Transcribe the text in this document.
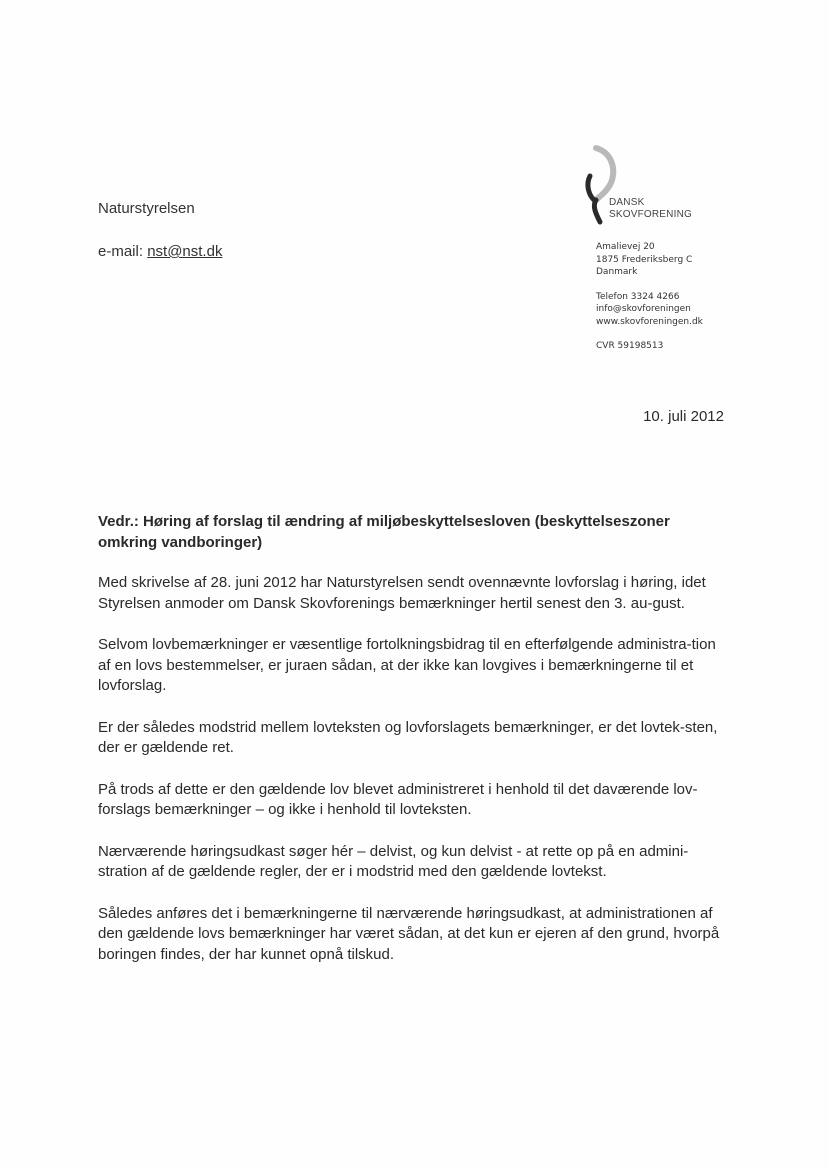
Naturstyrelsen
e-mail: nst@nst.dk
DANSK
SKOVFORENING
Amalievej 20
1875 Frederiksberg C
Danmark
Telefon 3324 4266
info@skovforeningen
www.skovforeningen.dk
CVR 59198513
10. juli 2012
Vedr.: Høring af forslag til ændring af miljøbeskyttelsesloven (beskyttelseszoner omkring vandboringer)

Med skrivelse af 28. juni 2012 har Naturstyrelsen sendt ovennævnte lovforslag i høring, idet Styrelsen anmoder om Dansk Skovforenings bemærkninger hertil senest den 3. au-gust.

Selvom lovbemærkninger er væsentlige fortolkningsbidrag til en efterfølgende administra-tion af en lovs bestemmelser, er juraen sådan, at der ikke kan lovgives i bemærkningerne til et lovforslag.

Er der således modstrid mellem lovteksten og lovforslagets bemærkninger, er det lovtek-sten, der er gældende ret.

På trods af dette er den gældende lov blevet administreret i henhold til det daværende lov-forslags bemærkninger – og ikke i henhold til lovteksten.

Nærværende høringsudkast søger hér – delvist, og kun delvist - at rette op på en admini-stration af de gældende regler, der er i modstrid med den gældende lovtekst.

Således anføres det i bemærkningerne til nærværende høringsudkast, at administrationen af den gældende lovs bemærkninger har været sådan, at det kun er ejeren af den grund, hvorpå boringen findes, der har kunnet opnå tilskud.
